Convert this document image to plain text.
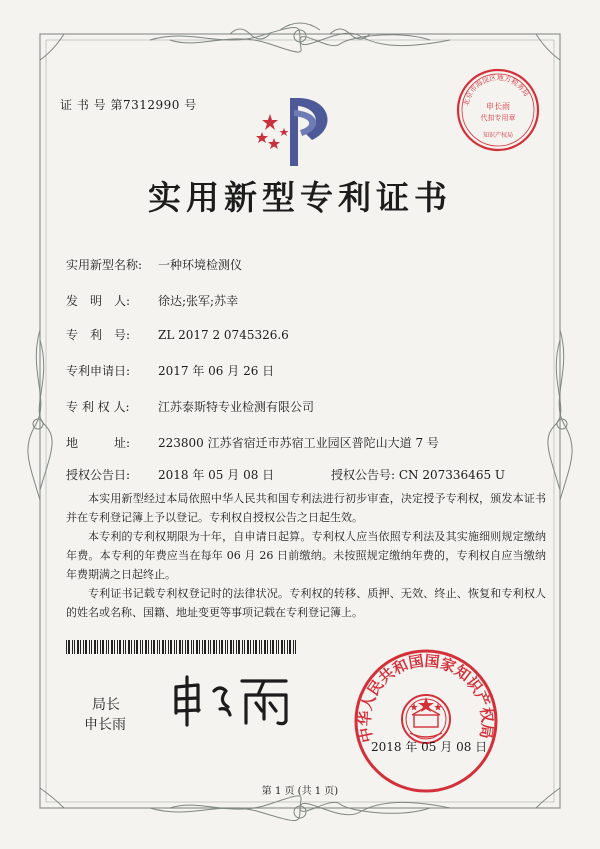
证 书 号 第7312990 号	北京市海淀区地方税务局
申长雨
代扣专用章
知识产权局
实用新型专利证书
实用新型名称: 一种环境检测仪
发　明　人: 徐达;张军;苏幸
专　利　号: ZL 2017 2 0745326.6
专利申请日: 2017 年 06 月 26 日
专 利 权 人: 江苏泰斯特专业检测有限公司
地　　　址: 223800 江苏省宿迁市苏宿工业园区普陀山大道 7 号
授权公告日: 2018 年 05 月 08 日	授权公告号: CN 207336465 U

本实用新型经过本局依照中华人民共和国专利法进行初步审查，决定授予专利权，颁发本证书并在专利登记簿上予以登记。专利权自授权公告之日起生效。

本专利的专利权期限为十年，自申请日起算。专利权人应当依照专利法及其实施细则规定缴纳年费。本专利的年费应当在每年 06 月 26 日前缴纳。未按照规定缴纳年费的，专利权自应当缴纳年费期满之日起终止。

专利证书记载专利权登记时的法律状况。专利权的转移、质押、无效、终止、恢复和专利权人的姓名或名称、国籍、地址变更等事项记载在专利登记簿上。

局长
申长雨
中华人民共和国国家知识产权局
2018 年 05 月 08 日
第 1 页 (共 1 页)
